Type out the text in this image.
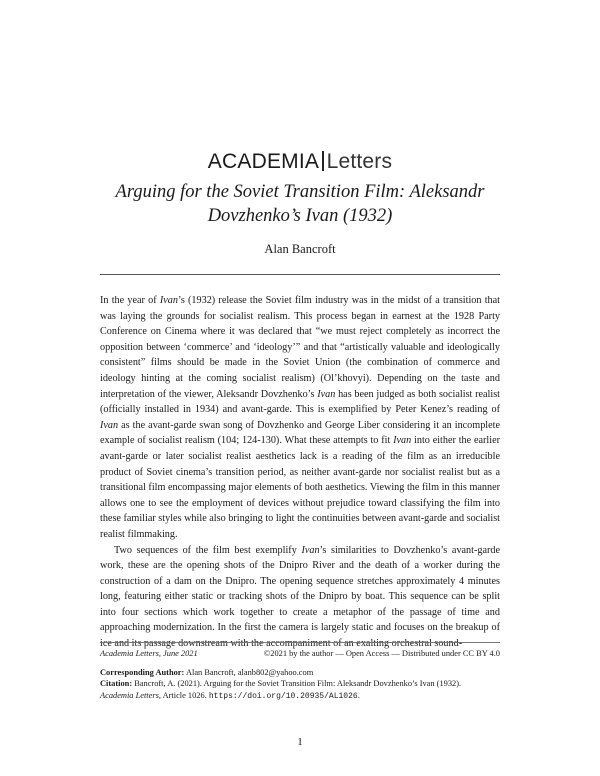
ACADEMIA Letters
Arguing for the Soviet Transition Film: Aleksandr Dovzhenko’s Ivan (1932)
Alan Bancroft

In the year of Ivan’s (1932) release the Soviet film industry was in the midst of a transition that was laying the grounds for socialist realism. This process began in earnest at the 1928 Party Conference on Cinema where it was declared that “we must reject completely as incorrect the opposition between ‘commerce’ and ‘ideology’” and that “artistically valuable and ideologically consistent” films should be made in the Soviet Union (the combination of commerce and ideology hinting at the coming socialist realism) (Ol’khovyi). Depending on the taste and interpretation of the viewer, Aleksandr Dovzhenko’s Ivan has been judged as both socialist realist (officially installed in 1934) and avant-garde. This is exemplified by Peter Kenez’s reading of Ivan as the avant-garde swan song of Dovzhenko and George Liber considering it an incomplete example of socialist realism (104; 124-130). What these attempts to fit Ivan into either the earlier avant-garde or later socialist realist aesthetics lack is a reading of the film as an irreducible product of Soviet cinema’s transition period, as neither avant-garde nor socialist realist but as a transitional film encompassing major elements of both aesthetics. Viewing the film in this manner allows one to see the employment of devices without prejudice toward classifying the film into these familiar styles while also bringing to light the continuities between avant-garde and socialist realist filmmaking.

Two sequences of the film best exemplify Ivan’s similarities to Dovzhenko’s avant-garde work, these are the opening shots of the Dnipro River and the death of a worker during the construction of a dam on the Dnipro. The opening sequence stretches approximately 4 minutes long, featuring either static or tracking shots of the Dnipro by boat. This sequence can be split into four sections which work together to create a metaphor of the passage of time and approaching modernization. In the first the camera is largely static and focuses on the breakup of ice and its passage downstream with the accompaniment of an exalting orchestral sound-

Academia Letters, June 2021	©2021 by the author — Open Access — Distributed under CC BY 4.0
Corresponding Author: Alan Bancroft, alanb802@yahoo.com
Citation: Bancroft, A. (2021). Arguing for the Soviet Transition Film: Aleksandr Dovzhenko’s Ivan (1932).
Academia Letters, Article 1026. https://doi.org/10.20935/AL1026.
1
